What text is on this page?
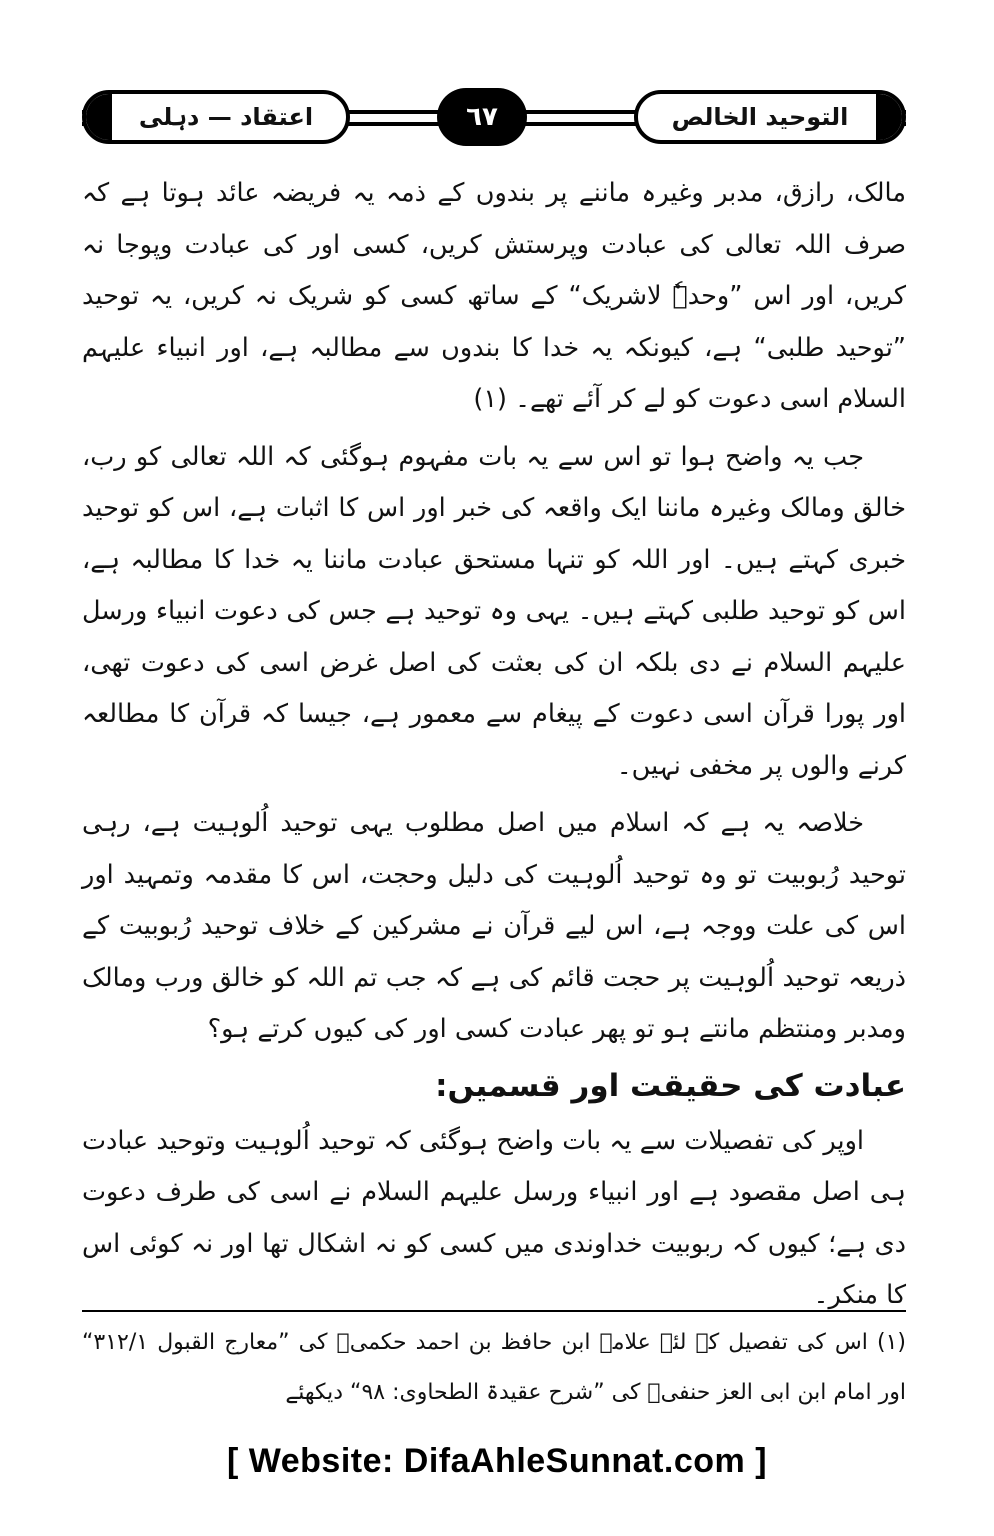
اعتقاد — دہلی	٦٧	التوحید الخالص

مالک، رازق، مدبر وغیرہ ماننے پر بندوں کے ذمہ یہ فریضہ عائد ہوتا ہے کہ صرف اللہ تعالی کی عبادت وپرستش کریں، کسی اور کی عبادت وپوجا نہ کریں، اور اس ”وحدہٗ لاشریک“ کے ساتھ کسی کو شریک نہ کریں، یہ توحید ”توحید طلبی“ ہے، کیونکہ یہ خدا کا بندوں سے مطالبہ ہے، اور انبیاء علیہم السلام اسی دعوت کو لے کر آئے تھے۔ (۱)

جب یہ واضح ہوا تو اس سے یہ بات مفہوم ہوگئی کہ اللہ تعالی کو رب، خالق ومالک وغیرہ ماننا ایک واقعہ کی خبر اور اس کا اثبات ہے، اس کو توحید خبری کہتے ہیں۔ اور اللہ کو تنہا مستحق عبادت ماننا یہ خدا کا مطالبہ ہے، اس کو توحید طلبی کہتے ہیں۔ یہی وہ توحید ہے جس کی دعوت انبیاء ورسل علیہم السلام نے دی بلکہ ان کی بعثت کی اصل غرض اسی کی دعوت تھی، اور پورا قرآن اسی دعوت کے پیغام سے معمور ہے، جیسا کہ قرآن کا مطالعہ کرنے والوں پر مخفی نہیں۔

خلاصہ یہ ہے کہ اسلام میں اصل مطلوب یہی توحید اُلوہیت ہے، رہی توحید رُبوبیت تو وہ توحید اُلوہیت کی دلیل وحجت، اس کا مقدمہ وتمہید اور اس کی علت ووجہ ہے، اس لیے قرآن نے مشرکین کے خلاف توحید رُبوبیت کے ذریعہ توحید اُلوہیت پر حجت قائم کی ہے کہ جب تم اللہ کو خالق ورب ومالک ومدبر ومنتظم مانتے ہو تو پھر عبادت کسی اور کی کیوں کرتے ہو؟

عبادت کی حقیقت اور قسمیں:

اوپر کی تفصیلات سے یہ بات واضح ہوگئی کہ توحید اُلوہیت وتوحید عبادت ہی اصل مقصود ہے اور انبیاء ورسل علیہم السلام نے اسی کی طرف دعوت دی ہے؛ کیوں کہ ربوبیت خداوندی میں کسی کو نہ اشکال تھا اور نہ کوئی اس کا منکر۔

(۱) اس کی تفصیل کے لئے علامہ ابن حافظ بن احمد حکمیؒ کی ”معارج القبول ۳۱۲/۱“ اور امام ابن ابی العز حنفیؒ کی ”شرح عقیدۃ الطحاوی: ۹۸“ دیکھئے

[ Website: DifaAhleSunnat.com ]
